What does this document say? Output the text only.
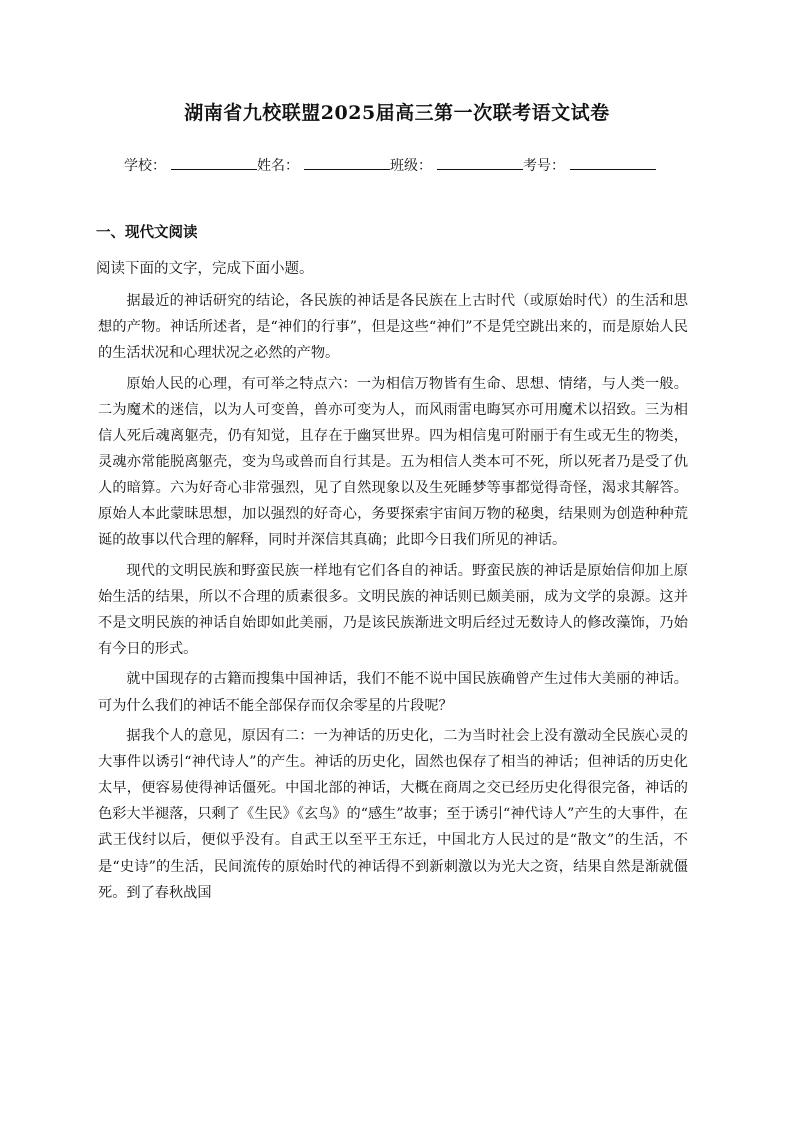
湖南省九校联盟2025届高三第一次联考语文试卷
学校：	姓名：	班级：	考号：
一、现代文阅读
阅读下面的文字，完成下面小题。

据最近的神话研究的结论，各民族的神话是各民族在上古时代（或原始时代）的生活和思想的产物。神话所述者，是“神们的行事”，但是这些“神们”不是凭空跳出来的，而是原始人民的生活状况和心理状况之必然的产物。

原始人民的心理，有可举之特点六：一为相信万物皆有生命、思想、情绪，与人类一般。二为魔术的迷信，以为人可变兽，兽亦可变为人，而风雨雷电晦冥亦可用魔术以招致。三为相信人死后魂离躯壳，仍有知觉，且存在于幽冥世界。四为相信鬼可附丽于有生或无生的物类，灵魂亦常能脱离躯壳，变为鸟或兽而自行其是。五为相信人类本可不死，所以死者乃是受了仇人的暗算。六为好奇心非常强烈，见了自然现象以及生死睡梦等事都觉得奇怪，渴求其解答。原始人本此蒙昧思想，加以强烈的好奇心，务要探索宇宙间万物的秘奥，结果则为创造种种荒诞的故事以代合理的解释，同时并深信其真确；此即今日我们所见的神话。

现代的文明民族和野蛮民族一样地有它们各自的神话。野蛮民族的神话是原始信仰加上原始生活的结果，所以不合理的质素很多。文明民族的神话则已颇美丽，成为文学的泉源。这并不是文明民族的神话自始即如此美丽，乃是该民族渐进文明后经过无数诗人的修改藻饰，乃始有今日的形式。

就中国现存的古籍而搜集中国神话，我们不能不说中国民族确曾产生过伟大美丽的神话。可为什么我们的神话不能全部保存而仅余零星的片段呢？

据我个人的意见，原因有二：一为神话的历史化，二为当时社会上没有激动全民族心灵的大事件以诱引“神代诗人”的产生。神话的历史化，固然也保存了相当的神话；但神话的历史化太早，便容易使得神话僵死。中国北部的神话，大概在商周之交已经历史化得很完备，神话的色彩大半褪落，只剩了《生民》《玄鸟》的“感生”故事；至于诱引“神代诗人”产生的大事件，在武王伐纣以后，便似乎没有。自武王以至平王东迁，中国北方人民过的是“散文”的生活，不是“史诗”的生活，民间流传的原始时代的神话得不到新刺激以为光大之资，结果自然是渐就僵死。到了春秋战国
